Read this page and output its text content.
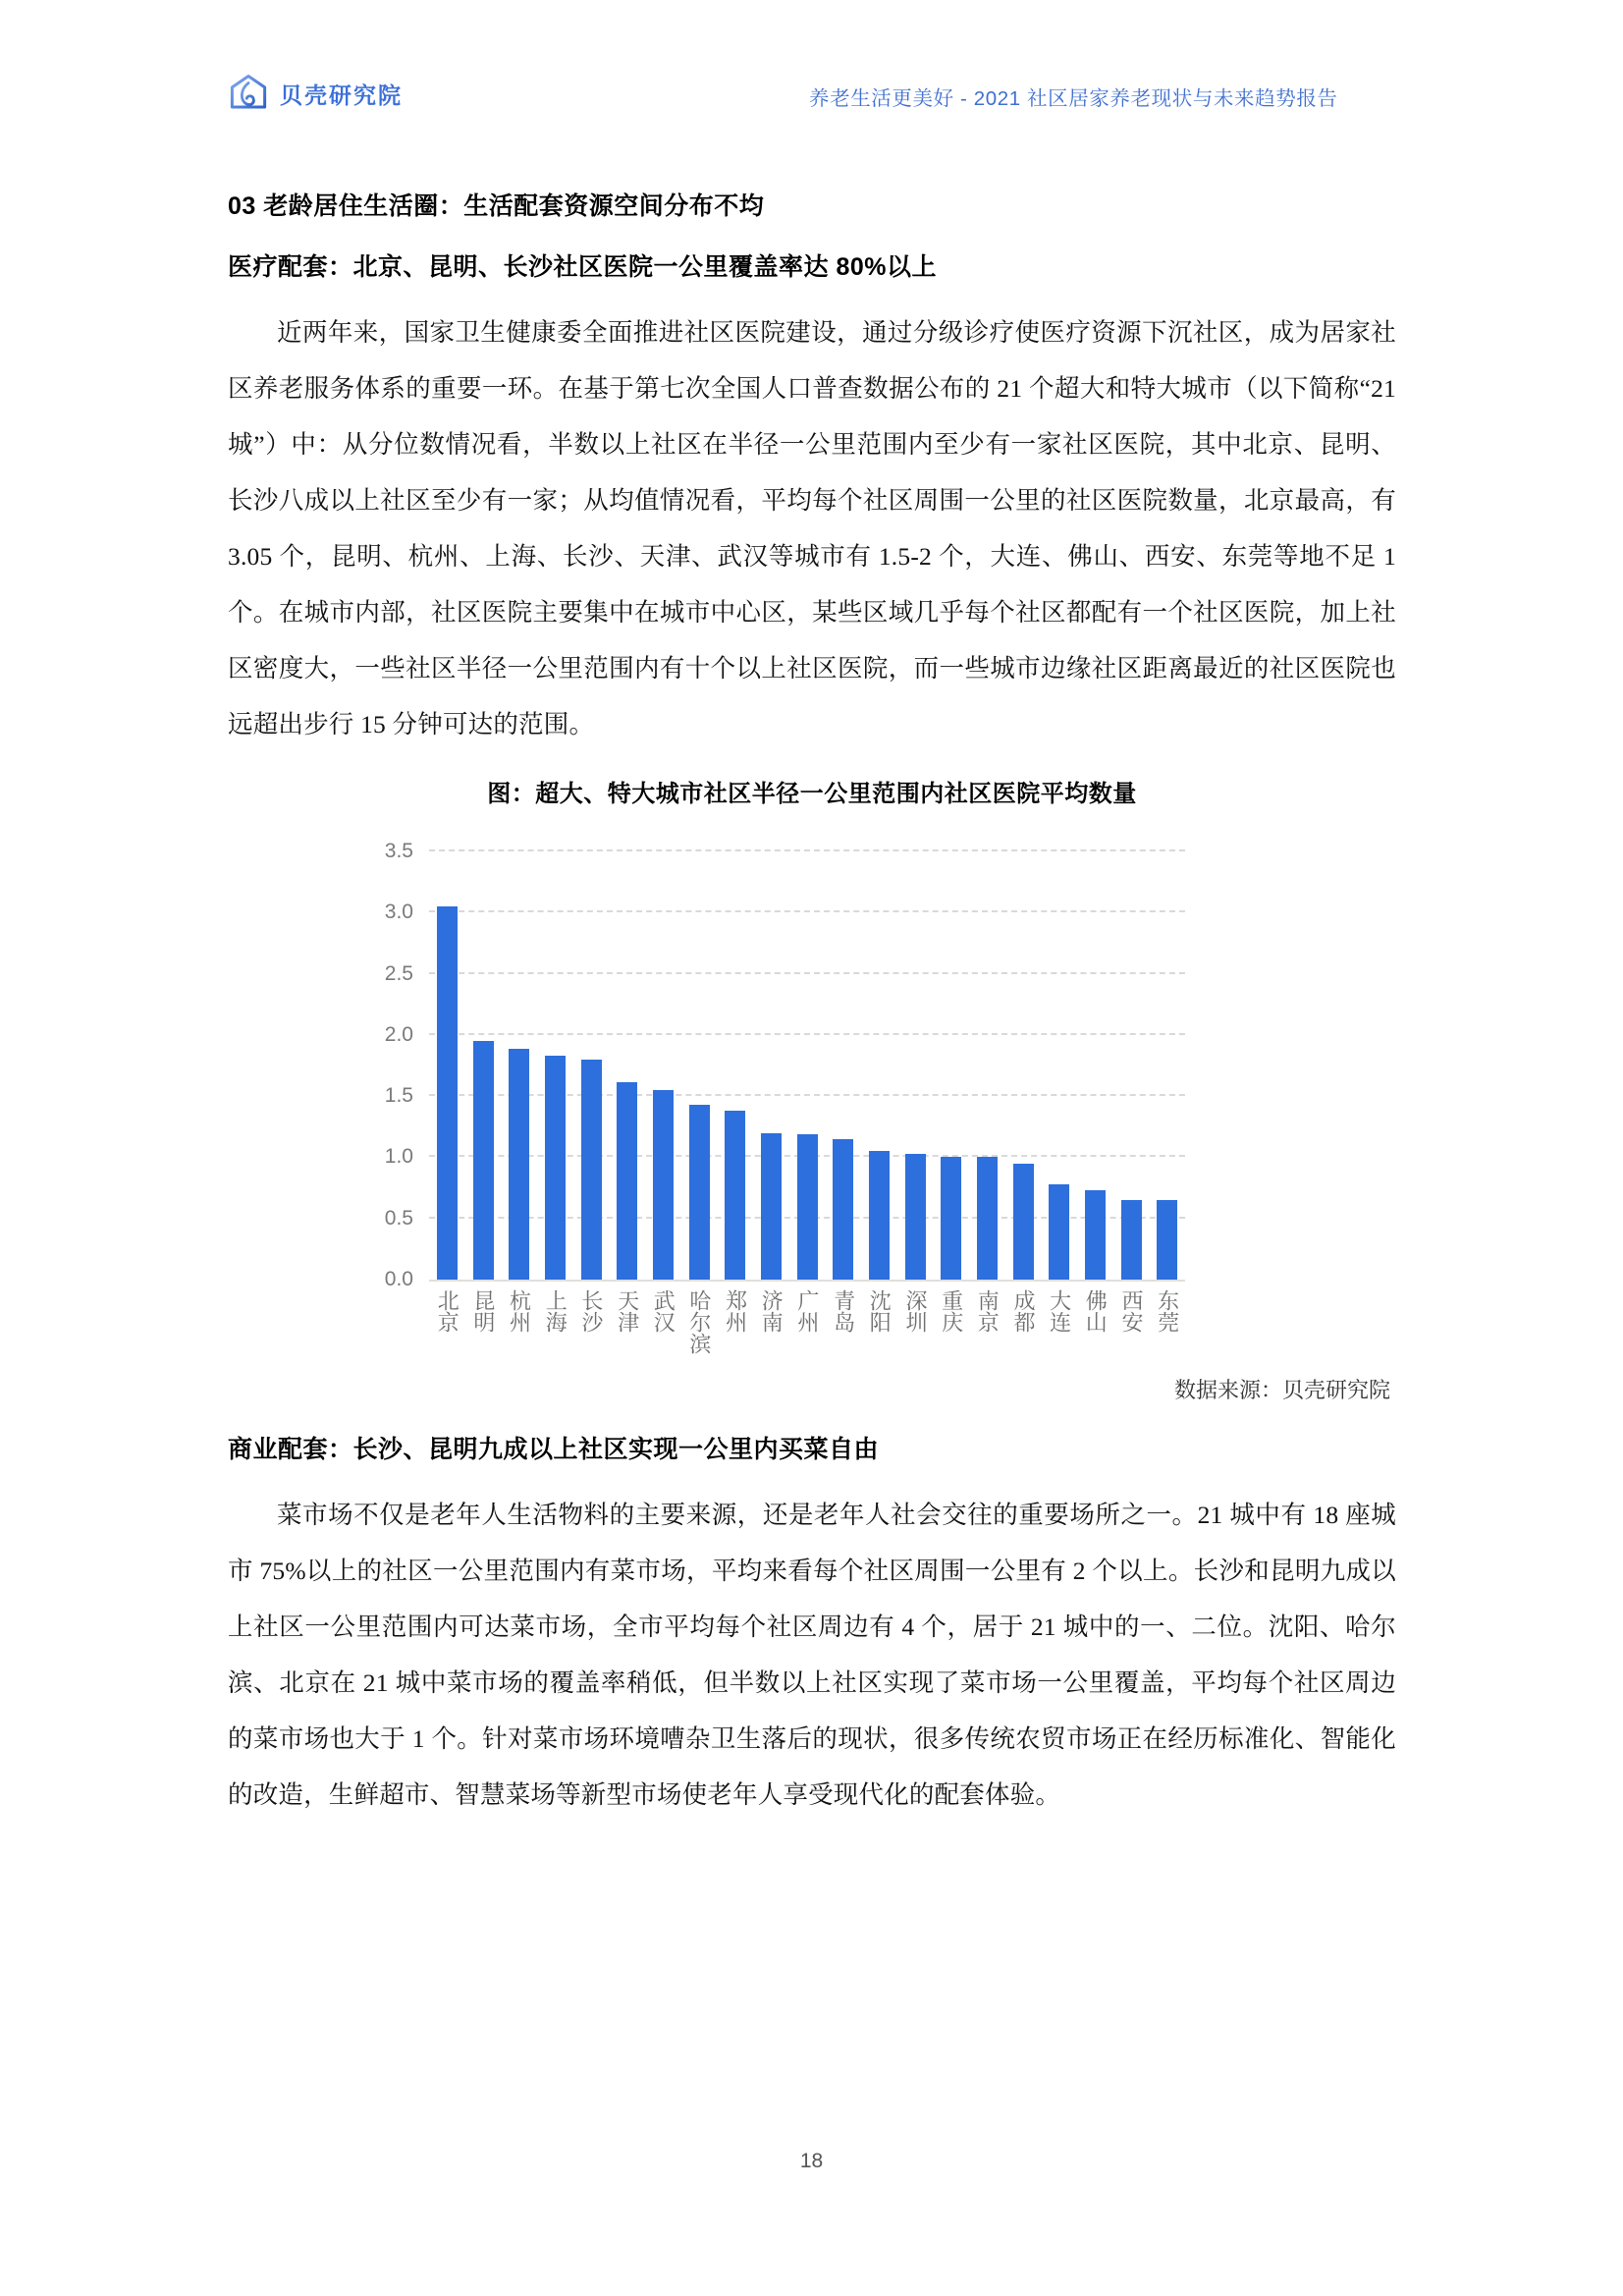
贝壳研究院	养老生活更美好 - 2021 社区居家养老现状与未来趋势报告
03 老龄居住生活圈：生活配套资源空间分布不均
医疗配套：北京、昆明、长沙社区医院一公里覆盖率达 80%以上

近两年来，国家卫生健康委全面推进社区医院建设，通过分级诊疗使医疗资源下沉社区，成为居家社区养老服务体系的重要一环。在基于第七次全国人口普查数据公布的 21 个超大和特大城市（以下简称“21 城”）中：从分位数情况看，半数以上社区在半径一公里范围内至少有一家社区医院，其中北京、昆明、长沙八成以上社区至少有一家；从均值情况看，平均每个社区周围一公里的社区医院数量，北京最高，有 3.05 个，昆明、杭州、上海、长沙、天津、武汉等城市有 1.5-2 个，大连、佛山、西安、东莞等地不足 1 个。在城市内部，社区医院主要集中在城市中心区，某些区域几乎每个社区都配有一个社区医院，加上社区密度大，一些社区半径一公里范围内有十个以上社区医院，而一些城市边缘社区距离最近的社区医院也远超出步行 15 分钟可达的范围。

图：超大、特大城市社区半径一公里范围内社区医院平均数量
0.0
0.5
1.0
1.5
2.0
2.5
3.0
3.5
北京 昆明 杭州 上海 长沙 天津 武汉 哈尔滨 郑州 济南 广州 青岛 沈阳 深圳 重庆 南京 成都 大连 佛山 西安 东莞
数据来源：贝壳研究院
商业配套：长沙、昆明九成以上社区实现一公里内买菜自由

菜市场不仅是老年人生活物料的主要来源，还是老年人社会交往的重要场所之一。21 城中有 18 座城市 75%以上的社区一公里范围内有菜市场，平均来看每个社区周围一公里有 2 个以上。长沙和昆明九成以上社区一公里范围内可达菜市场，全市平均每个社区周边有 4 个，居于 21 城中的一、二位。沈阳、哈尔滨、北京在 21 城中菜市场的覆盖率稍低，但半数以上社区实现了菜市场一公里覆盖，平均每个社区周边的菜市场也大于 1 个。针对菜市场环境嘈杂卫生落后的现状，很多传统农贸市场正在经历标准化、智能化的改造，生鲜超市、智慧菜场等新型市场使老年人享受现代化的配套体验。

18
